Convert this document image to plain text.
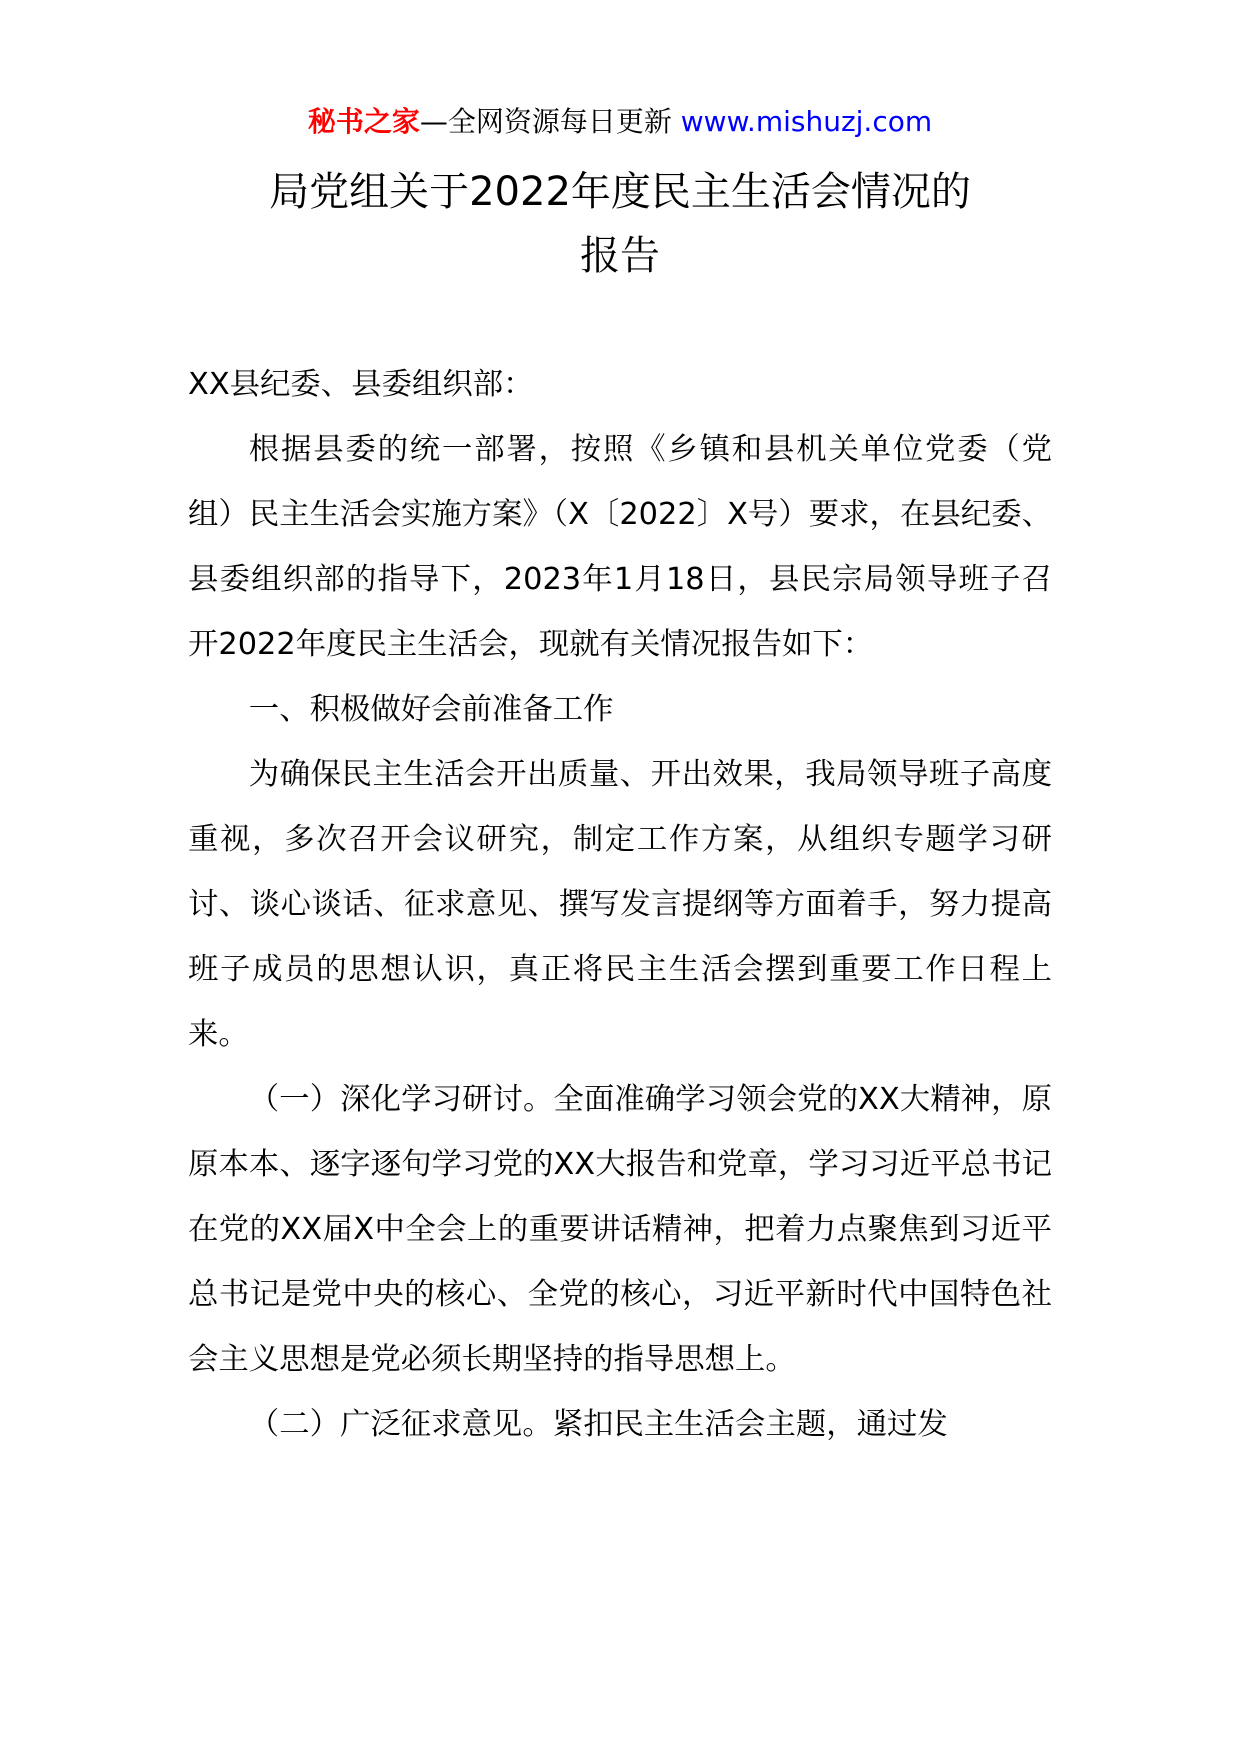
秘书之家—全网资源每日更新 www.mishuzj.com
局党组关于2022年度民主生活会情况的
报告

XX县纪委、县委组织部：

根据县委的统一部署，按照《乡镇和县机关单位党委（党组）民主生活会实施方案》（X〔2022〕X号）要求，在县纪委、县委组织部的指导下，2023年1月18日，县民宗局领导班子召开2022年度民主生活会，现就有关情况报告如下：

一、积极做好会前准备工作

为确保民主生活会开出质量、开出效果，我局领导班子高度重视，多次召开会议研究，制定工作方案，从组织专题学习研讨、谈心谈话、征求意见、撰写发言提纲等方面着手，努力提高班子成员的思想认识，真正将民主生活会摆到重要工作日程上来。

（一）深化学习研讨。全面准确学习领会党的XX大精神，原原本本、逐字逐句学习党的XX大报告和党章，学习习近平总书记在党的XX届X中全会上的重要讲话精神，把着力点聚焦到习近平总书记是党中央的核心、全党的核心，习近平新时代中国特色社会主义思想是党必须长期坚持的指导思想上。

（二）广泛征求意见。紧扣民主生活会主题，通过发
